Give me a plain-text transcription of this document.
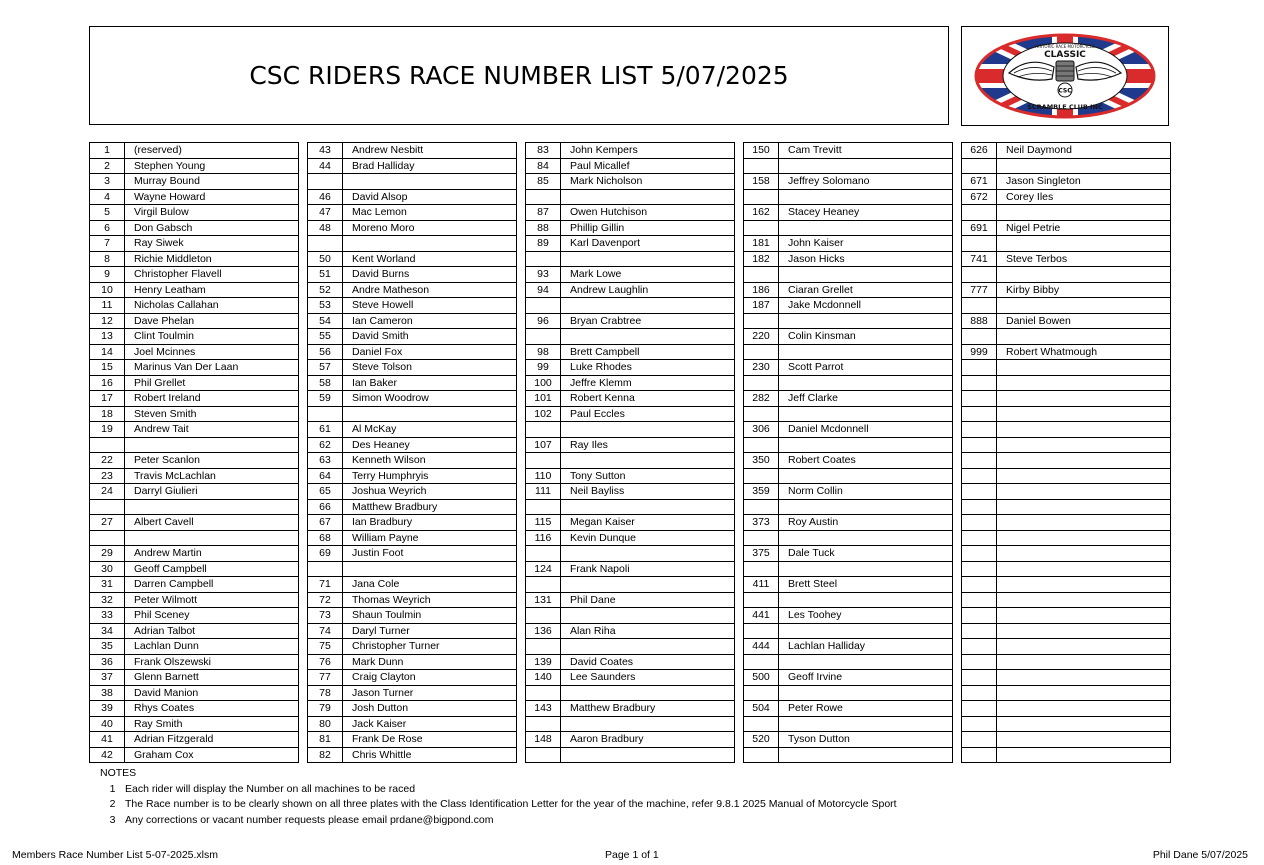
CSC RIDERS RACE NUMBER LIST 5/07/2025
CSC
HISTORIC RACE MOTORCYCLE
CLASSIC
SCRAMBLE CLUB INC
1	(reserved)
2	Stephen Young
3	Murray Bound
4	Wayne Howard
5	Virgil Bulow
6	Don Gabsch
7	Ray Siwek
8	Richie Middleton
9	Christopher Flavell
10	Henry Leatham
11	Nicholas Callahan
12	Dave Phelan
13	Clint Toulmin
14	Joel Mcinnes
15	Marinus Van Der Laan
16	Phil Grellet
17	Robert Ireland
18	Steven Smith
19	Andrew Tait

22	Peter Scanlon
23	Travis McLachlan
24	Darryl Giulieri

27	Albert Cavell

29	Andrew Martin
30	Geoff Campbell
31	Darren Campbell
32	Peter Wilmott
33	Phil Sceney
34	Adrian Talbot
35	Lachlan Dunn
36	Frank Olszewski
37	Glenn Barnett
38	David Manion
39	Rhys Coates
40	Ray Smith
41	Adrian Fitzgerald
42	Graham Cox
43	Andrew Nesbitt
44	Brad Halliday

46	David Alsop
47	Mac Lemon
48	Moreno Moro

50	Kent Worland
51	David Burns
52	Andre Matheson
53	Steve Howell
54	Ian Cameron
55	David Smith
56	Daniel Fox
57	Steve Tolson
58	Ian Baker
59	Simon Woodrow

61	Al McKay
62	Des Heaney
63	Kenneth Wilson
64	Terry Humphryis
65	Joshua Weyrich
66	Matthew Bradbury
67	Ian Bradbury
68	William Payne
69	Justin Foot

71	Jana Cole
72	Thomas Weyrich
73	Shaun Toulmin
74	Daryl Turner
75	Christopher Turner
76	Mark Dunn
77	Craig Clayton
78	Jason Turner
79	Josh Dutton
80	Jack Kaiser
81	Frank De Rose
82	Chris Whittle
83	John Kempers
84	Paul Micallef
85	Mark Nicholson

87	Owen Hutchison
88	Phillip Gillin
89	Karl Davenport

93	Mark Lowe
94	Andrew Laughlin

96	Bryan Crabtree

98	Brett Campbell
99	Luke Rhodes
100	Jeffre Klemm
101	Robert Kenna
102	Paul Eccles

107	Ray Iles

110	Tony Sutton
111	Neil Bayliss

115	Megan Kaiser
116	Kevin Dunque

124	Frank Napoli

131	Phil Dane

136	Alan Riha

139	David Coates
140	Lee Saunders

143	Matthew Bradbury

148	Aaron Bradbury

150	Cam Trevitt

158	Jeffrey Solomano

162	Stacey Heaney

181	John Kaiser
182	Jason Hicks

186	Ciaran Grellet
187	Jake Mcdonnell

220	Colin Kinsman

230	Scott Parrot

282	Jeff Clarke

306	Daniel Mcdonnell

350	Robert Coates

359	Norm Collin

373	Roy Austin

375	Dale Tuck

411	Brett Steel

441	Les Toohey

444	Lachlan Halliday

500	Geoff Irvine

504	Peter Rowe

520	Tyson Dutton

626	Neil Daymond

671	Jason Singleton
672	Corey Iles

691	Nigel Petrie

741	Steve Terbos

777	Kirby Bibby

888	Daniel Bowen

999	Robert Whatmough

NOTES
1 Each rider will display the Number on all machines to be raced
2 The Race number is to be clearly shown on all three plates with the Class Identification Letter for the year of the machine, refer 9.8.1 2025 Manual of Motorcycle Sport
3 Any corrections or vacant number requests please email prdane@bigpond.com
Members Race Number List 5-07-2025.xlsm	Page 1 of 1	Phil Dane 5/07/2025
